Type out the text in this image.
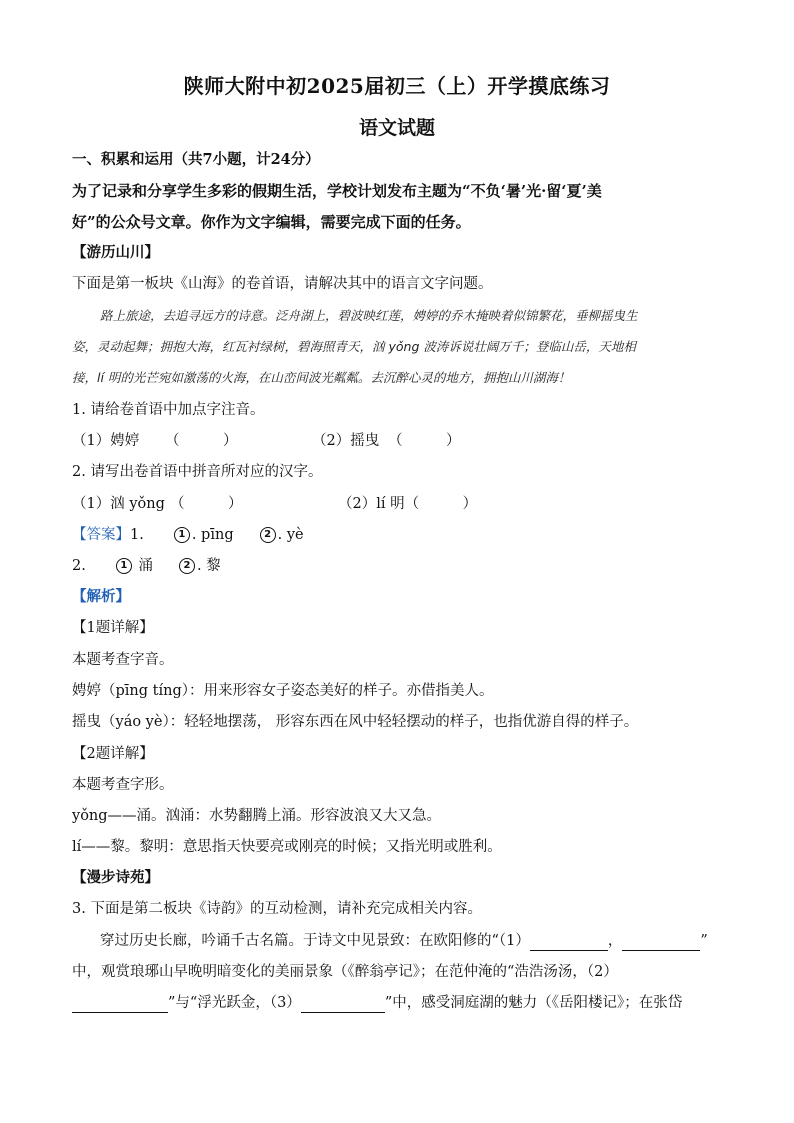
陕师大附中初2025届初三（上）开学摸底练习
语文试题
一、积累和运用（共7小题，计24分）
为了记录和分享学生多彩的假期生活，学校计划发布主题为“不负‘暑’光·留‘夏’美
好”的公众号文章。你作为文字编辑，需要完成下面的任务。
【游历山川】
下面是第一板块《山海》的卷首语，请解决其中的语言文字问题。
路上旅途，去追寻远方的诗意。泛舟湖上，碧波映红莲，娉婷的乔木掩映着似锦繁花，垂柳摇曳生
姿，灵动起舞；拥抱大海，红瓦衬绿树，碧海照青天，汹 yǒng 波涛诉说壮阔万千；登临山岳，天地相
接，lí 明的光芒宛如激荡的火海，在山峦间波光粼粼。去沉醉心灵的地方，拥抱山川湖海！
1. 请给卷首语中加点字注音。
（1）娉婷 （　　　）	（2）摇曳 （　　　）
2. 请写出卷首语中拼音所对应的汉字。
（1）汹 yǒng （　　　）	（2）lí 明（　　　）
【答案】1.	1 . pīng	2 . yè
2.	1 涌	2 . 黎
【解析】
【1题详解】
本题考查字音。
娉婷（pīng tíng）：用来形容女子姿态美好的样子。亦借指美人。
摇曳（yáo yè）：轻轻地摆荡， 形容东西在风中轻轻摆动的样子，也指优游自得的样子。
【2题详解】
本题考查字形。
yǒng——涌。汹涌：水势翻腾上涌。形容波浪又大又急。
lí——黎。黎明：意思指天快要亮或刚亮的时候；又指光明或胜利。
【漫步诗苑】
3. 下面是第二板块《诗韵》的互动检测，请补充完成相关内容。
穿过历史长廊，吟诵千古名篇。于诗文中见景致：在欧阳修的“（1）	，	”
中，观赏琅琊山早晚明暗变化的美丽景象（《醉翁亭记》；在范仲淹的“浩浩汤汤，（2）
”与“浮光跃金，（3）	”中，感受洞庭湖的魅力（《岳阳楼记》；在张岱
